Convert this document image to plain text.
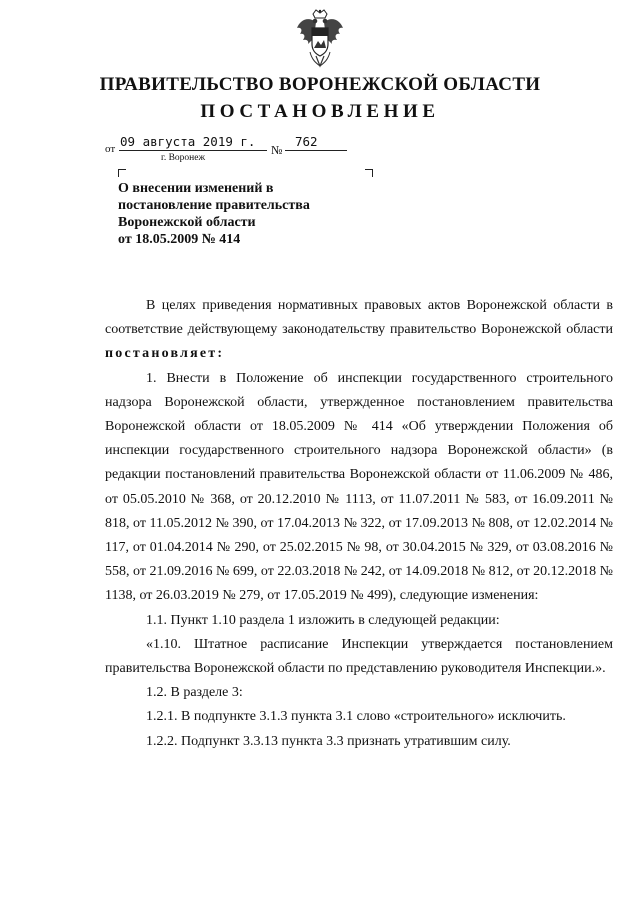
ПРАВИТЕЛЬСТВО ВОРОНЕЖСКОЙ ОБЛАСТИ
ПОСТАНОВЛЕНИЕ
от 09 августа 2019 г.
№
762
г. Воронеж
О внесении изменений в
постановление правительства
Воронежской области
от 18.05.2009 № 414

В целях приведения нормативных правовых актов Воронежской области в соответствие действующему законодательству правительство Воронежской области постановляет:

1. Внести в Положение об инспекции государственного строительного надзора Воронежской области, утвержденное постановлением правительства Воронежской области от 18.05.2009 № 414 «Об утверждении Положения об инспекции государственного строительного надзора Воронежской области» (в редакции постановлений правительства Воронежской области от 11.06.2009 № 486, от 05.05.2010 № 368, от 20.12.2010 № 1113, от 11.07.2011 № 583, от 16.09.2011 № 818, от 11.05.2012 № 390, от 17.04.2013 № 322, от 17.09.2013 № 808, от 12.02.2014 № 117, от 01.04.2014 № 290, от 25.02.2015 № 98, от 30.04.2015 № 329, от 03.08.2016 № 558, от 21.09.2016 № 699, от 22.03.2018 № 242, от 14.09.2018 № 812, от 20.12.2018 № 1138, от 26.03.2019 № 279, от 17.05.2019 № 499), следующие изменения:

1.1. Пункт 1.10 раздела 1 изложить в следующей редакции:

«1.10. Штатное расписание Инспекции утверждается постановлением правительства Воронежской области по представлению руководителя Инспекции.».

1.2. В разделе 3:

1.2.1. В подпункте 3.1.3 пункта 3.1 слово «строительного» исключить.

1.2.2. Подпункт 3.3.13 пункта 3.3 признать утратившим силу.
